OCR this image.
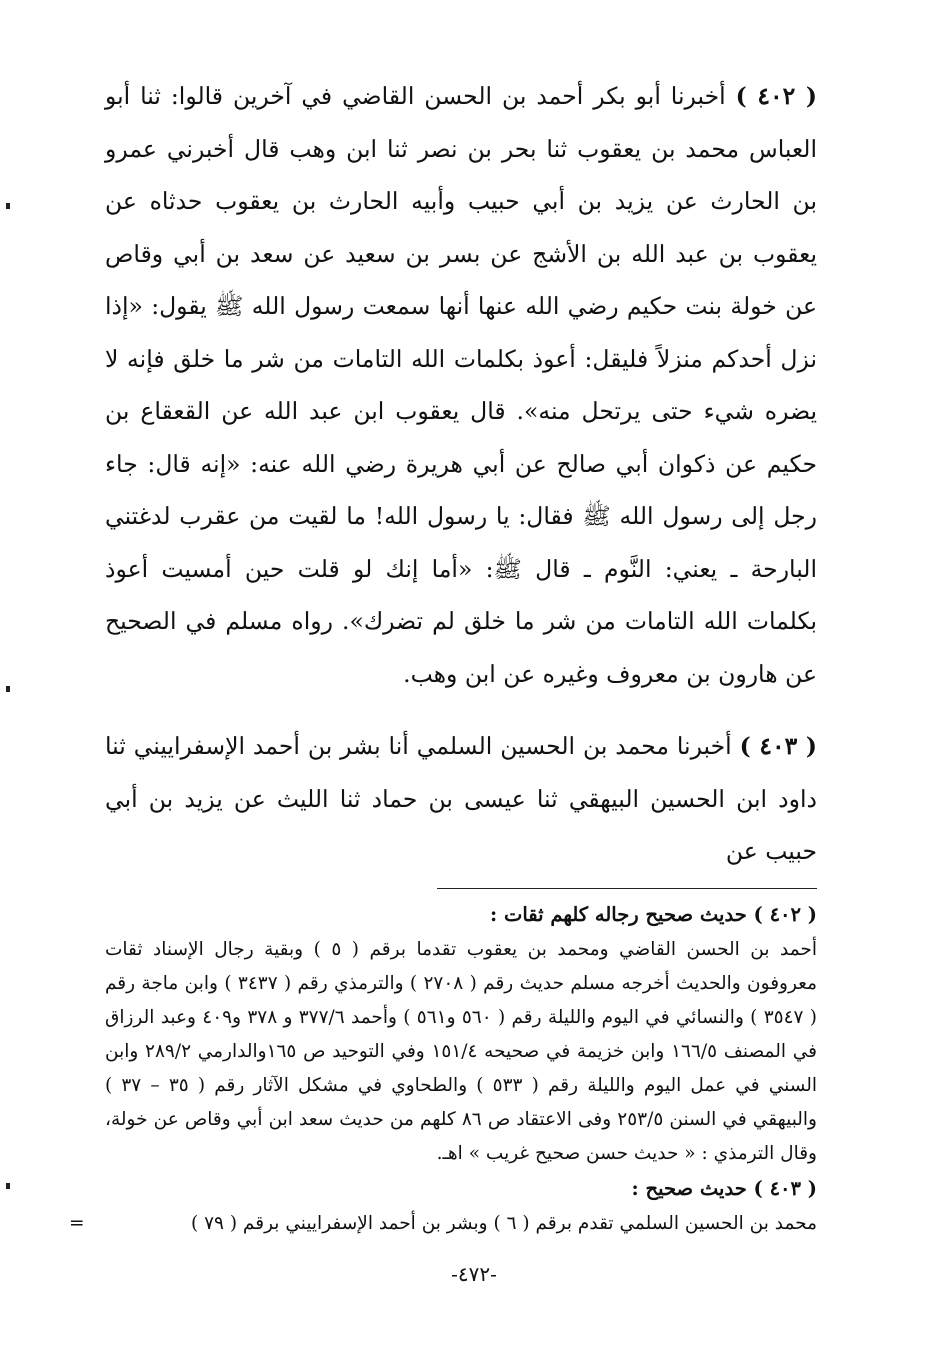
( ٤٠٢ ) أخبرنا أبو بكر أحمد بن الحسن القاضي في آخرين قالوا: ثنا أبو العباس محمد بن يعقوب ثنا بحر بن نصر ثنا ابن وهب قال أخبرني عمرو بن الحارث عن يزيد بن أبي حبيب وأبيه الحارث بن يعقوب حدثاه عن يعقوب بن عبد الله بن الأشج عن بسر بن سعيد عن سعد بن أبي وقاص عن خولة بنت حكيم رضي الله عنها أنها سمعت رسول الله ﷺ يقول: «إذا نزل أحدكم منزلاً فليقل: أعوذ بكلمات الله التامات من شر ما خلق فإنه لا يضره شيء حتى يرتحل منه». قال يعقوب ابن عبد الله عن القعقاع بن حكيم عن ذكوان أبي صالح عن أبي هريرة رضي الله عنه: «إنه قال: جاء رجل إلى رسول الله ﷺ فقال: يا رسول الله! ما لقيت من عقرب لدغتني البارحة ـ يعني: النَّوم ـ قال ﷺ: «أما إنك لو قلت حين أمسيت أعوذ بكلمات الله التامات من شر ما خلق لم تضرك». رواه مسلم في الصحيح عن هارون بن معروف وغيره عن ابن وهب.

( ٤٠٣ ) أخبرنا محمد بن الحسين السلمي أنا بشر بن أحمد الإسفراييني ثنا داود ابن الحسين البيهقي ثنا عيسى بن حماد ثنا الليث عن يزيد بن أبي حبيب عن

( ٤٠٢ ) حديث صحيح رجاله كلهم ثقات :

أحمد بن الحسن القاضي ومحمد بن يعقوب تقدما برقم ( ٥ ) وبقية رجال الإسناد ثقات معروفون والحديث أخرجه مسلم حديث رقم ( ٢٧٠٨ ) والترمذي رقم ( ٣٤٣٧ ) وابن ماجة رقم ( ٣٥٤٧ ) والنسائي في اليوم والليلة رقم ( ٥٦٠ و٥٦١ ) وأحمد ٣٧٧/٦ و ٣٧٨ و٤٠٩ وعبد الرزاق في المصنف ١٦٦/٥ وابن خزيمة في صحيحه ١٥١/٤ وفي التوحيد ص ١٦٥والدارمي ٢٨٩/٢ وابن السني في عمل اليوم والليلة رقم ( ٥٣٣ ) والطحاوي في مشكل الآثار رقم ( ٣٥ – ٣٧ ) والبيهقي في السنن ٢٥٣/٥ وفى الاعتقاد ص ٨٦ كلهم من حديث سعد ابن أبي وقاص عن خولة، وقال الترمذي : « حديث حسن صحيح غريب » اهـ.

( ٤٠٣ ) حديث صحيح :

محمد بن الحسين السلمي تقدم برقم ( ٦ ) وبشر بن أحمد الإسفراييني برقم ( ٧٩ )

=
-٤٧٢-
